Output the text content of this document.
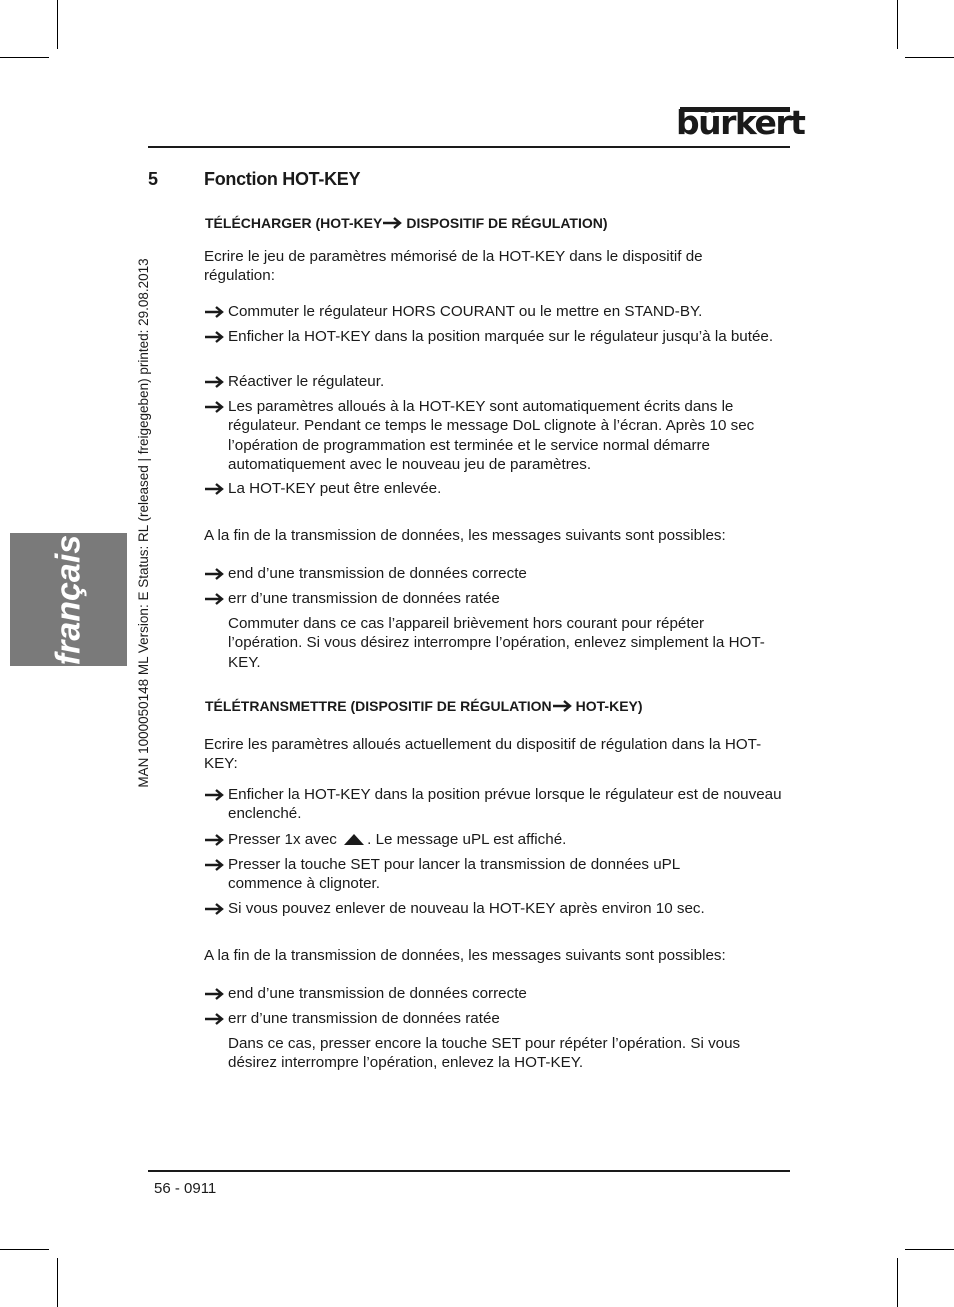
bürkert
français	MAN 1000050148 ML Version: E Status: RL (released | freigegeben) printed: 29.08.2013
5	Fonction HOT-KEY
TÉLÉCHARGER (HOT-KEY DISPOSITIF DE RÉGULATION)
Ecrire le jeu de paramètres mémorisé de la HOT-KEY dans le dispositif de régulation:
Commuter le régulateur HORS COURANT ou le mettre en STAND-BY.
Enficher la HOT-KEY dans la position marquée sur le régulateur jusqu’à la butée.
Réactiver le régulateur.
Les paramètres alloués à la HOT-KEY sont automatiquement écrits dans le régulateur. Pendant ce temps le message DoL clignote à l’écran. Après 10 sec l’opération de programmation est terminée et le service normal démarre automatiquement avec le nouveau jeu de paramètres.
La HOT-KEY peut être enlevée.
A la fin de la transmission de données, les messages suivants sont possibles:
end d’une transmission de données correcte
err d’une transmission de données ratée
Commuter dans ce cas l’appareil brièvement hors courant pour répéter l’opération. Si vous désirez interrompre l’opération, enlevez simplement la HOT-KEY.
TÉLÉTRANSMETTRE (DISPOSITIF DE RÉGULATION HOT-KEY)
Ecrire les paramètres alloués actuellement du dispositif de régulation dans la HOT-KEY:
Enficher la HOT-KEY dans la position prévue lorsque le régulateur est de nouveau enclenché.
Presser 1x avec . Le message uPL est affiché.
Presser la touche SET pour lancer la transmission de données uPL commence à clignoter.
Si vous pouvez enlever de nouveau la HOT-KEY après environ 10 sec.
A la fin de la transmission de données, les messages suivants sont possibles:
end d’une transmission de données correcte
err d’une transmission de données ratée
Dans ce cas, presser encore la touche SET pour répéter l’opération. Si vous désirez interrompre l’opération, enlevez la HOT-KEY.
56 - 0911
